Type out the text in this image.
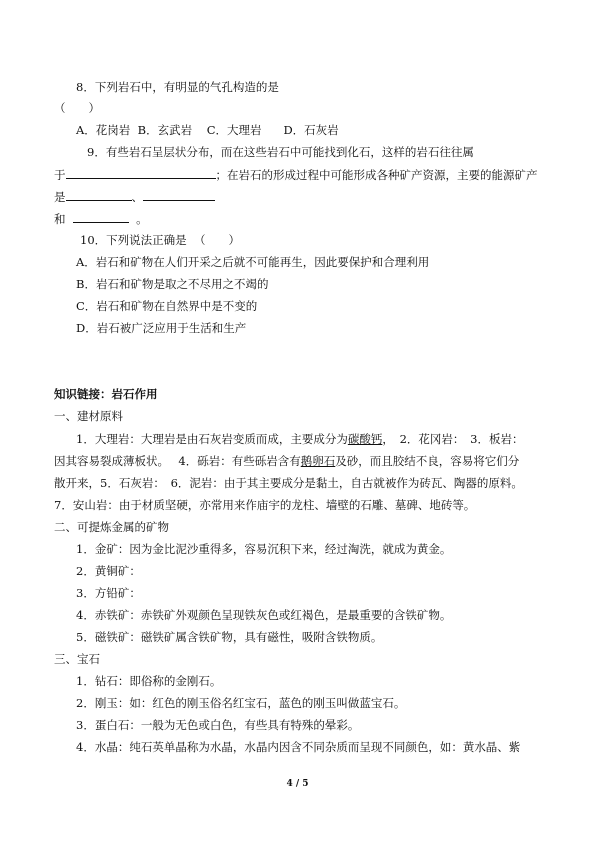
8．下列岩石中，有明显的气孔构造的是
（　　）
A．花岗岩 B．玄武岩 C．大理岩 D．石灰岩
9．有些岩石呈层状分布，而在这些岩石中可能找到化石，这样的岩石往往属
于	；在岩石的形成过程中可能形成各种矿产资源，主要的能源矿产
是	、
和	。
10．下列说法正确是 （　　）
A．岩石和矿物在人们开采之后就不可能再生，因此要保护和合理利用
B．岩石和矿物是取之不尽用之不竭的
C．岩石和矿物在自然界中是不变的
D．岩石被广泛应用于生活和生产
知识链接：岩石作用
一、建材原料
1．大理岩：大理岩是由石灰岩变质而成，主要成分为碳酸钙，　2．花冈岩：　3．板岩：
因其容易裂成薄板状。　 4．砾岩：有些砾岩含有鹅卵石及砂，而且胶结不良，容易将它们分
散开来，5．石灰岩：　6．泥岩：由于其主要成分是黏土，自古就被作为砖瓦、陶器的原料。
7．安山岩：由于材质坚硬，亦常用来作庙宇的龙柱、墙壁的石雕、墓碑、地砖等。
二、可提炼金属的矿物
1．金矿：因为金比泥沙重得多，容易沉积下来，经过淘洗，就成为黄金。
2．黄铜矿：
3．方铅矿：
4．赤铁矿：赤铁矿外观颜色呈现铁灰色或红褐色，是最重要的含铁矿物。
5．磁铁矿：磁铁矿属含铁矿物，具有磁性，吸附含铁物质。
三、宝石
1．钻石：即俗称的金刚石。
2．刚玉：如：红色的刚玉俗名红宝石，蓝色的刚玉叫做蓝宝石。
3．蛋白石：一般为无色或白色，有些具有特殊的晕彩。
4．水晶：纯石英单晶称为水晶，水晶内因含不同杂质而呈现不同颜色，如：黄水晶、紫
4 / 5
